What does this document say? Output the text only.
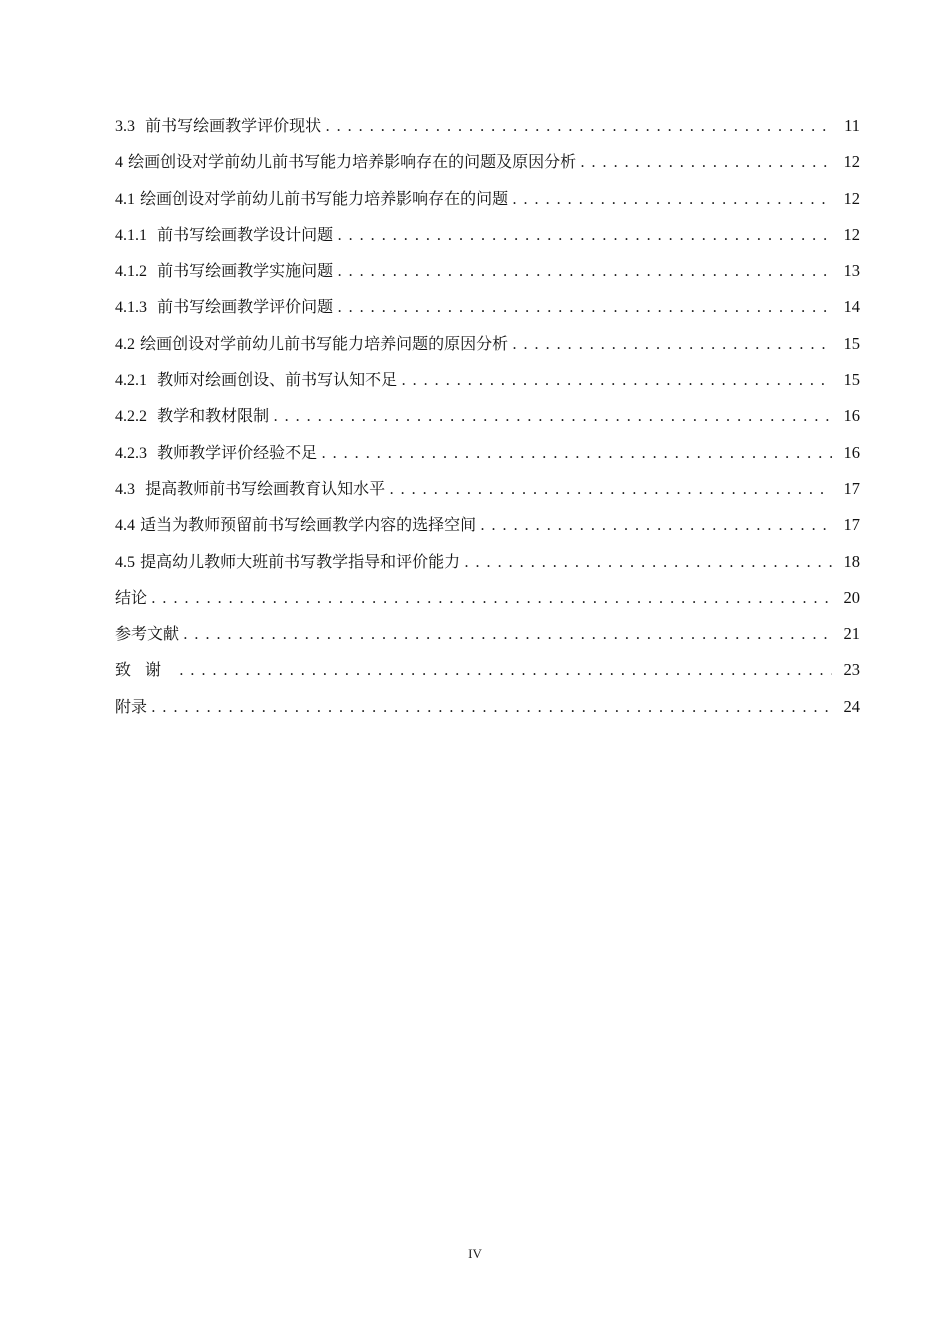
3.3 前书写绘画教学评价现状 . . .	11
4 绘画创设对学前幼儿前书写能力培养影响存在的问题及原因分析 . . .	12
4.1 绘画创设对学前幼儿前书写能力培养影响存在的问题 . . .	12
4.1.1 前书写绘画教学设计问题 . . .	12
4.1.2 前书写绘画教学实施问题 . . .	13
4.1.3 前书写绘画教学评价问题 . . .	14
4.2 绘画创设对学前幼儿前书写能力培养问题的原因分析 . . .	15
4.2.1 教师对绘画创设、前书写认知不足 . . .	15
4.2.2 教学和教材限制 . . .	16
4.2.3 教师教学评价经验不足 . . .	16
4.3 提高教师前书写绘画教育认知水平 . . .	17
4.4 适当为教师预留前书写绘画教学内容的选择空间 . . .	17
4.5 提高幼儿教师大班前书写教学指导和评价能力 . . .	18
结论 . . .	20
参考文献 . . .	21
致谢 . . .	23
附录 . . .	24
IV
